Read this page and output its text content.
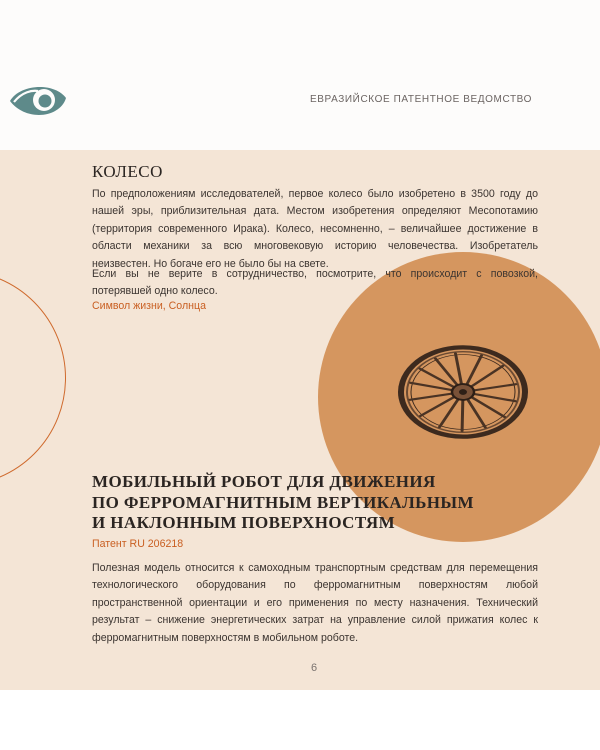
ЕВРАЗИЙСКОЕ ПАТЕНТНОЕ ВЕДОМСТВО
КОЛЕСО

По предположениям исследователей, первое колесо было изобретено в 3500 году до нашей эры, приблизительная дата. Местом изобретения определяют Месопотамию (территория современного Ирака). Колесо, несомненно, – величайшее достижение в области механики за всю многовековую историю человечества. Изобретатель неизвестен. Но богаче его не было бы на свете.

Если вы не верите в сотрудничество, посмотрите, что происходит с повозкой, потерявшей одно колесо.

Символ жизни, Солнца
МОБИЛЬНЫЙ РОБОТ ДЛЯ ДВИЖЕНИЯ
ПО ФЕРРОМАГНИТНЫМ ВЕРТИКАЛЬНЫМ
И НАКЛОННЫМ ПОВЕРХНОСТЯМ
Патент RU 206218

Полезная модель относится к самоходным транспортным средствам для перемещения технологического оборудования по ферромагнитным поверхностям любой пространственной ориентации и его применения по месту назначения. Технический результат – снижение энергетических затрат на управление силой прижатия колес к ферромагнитным поверхностям в мобильном роботе.

6
